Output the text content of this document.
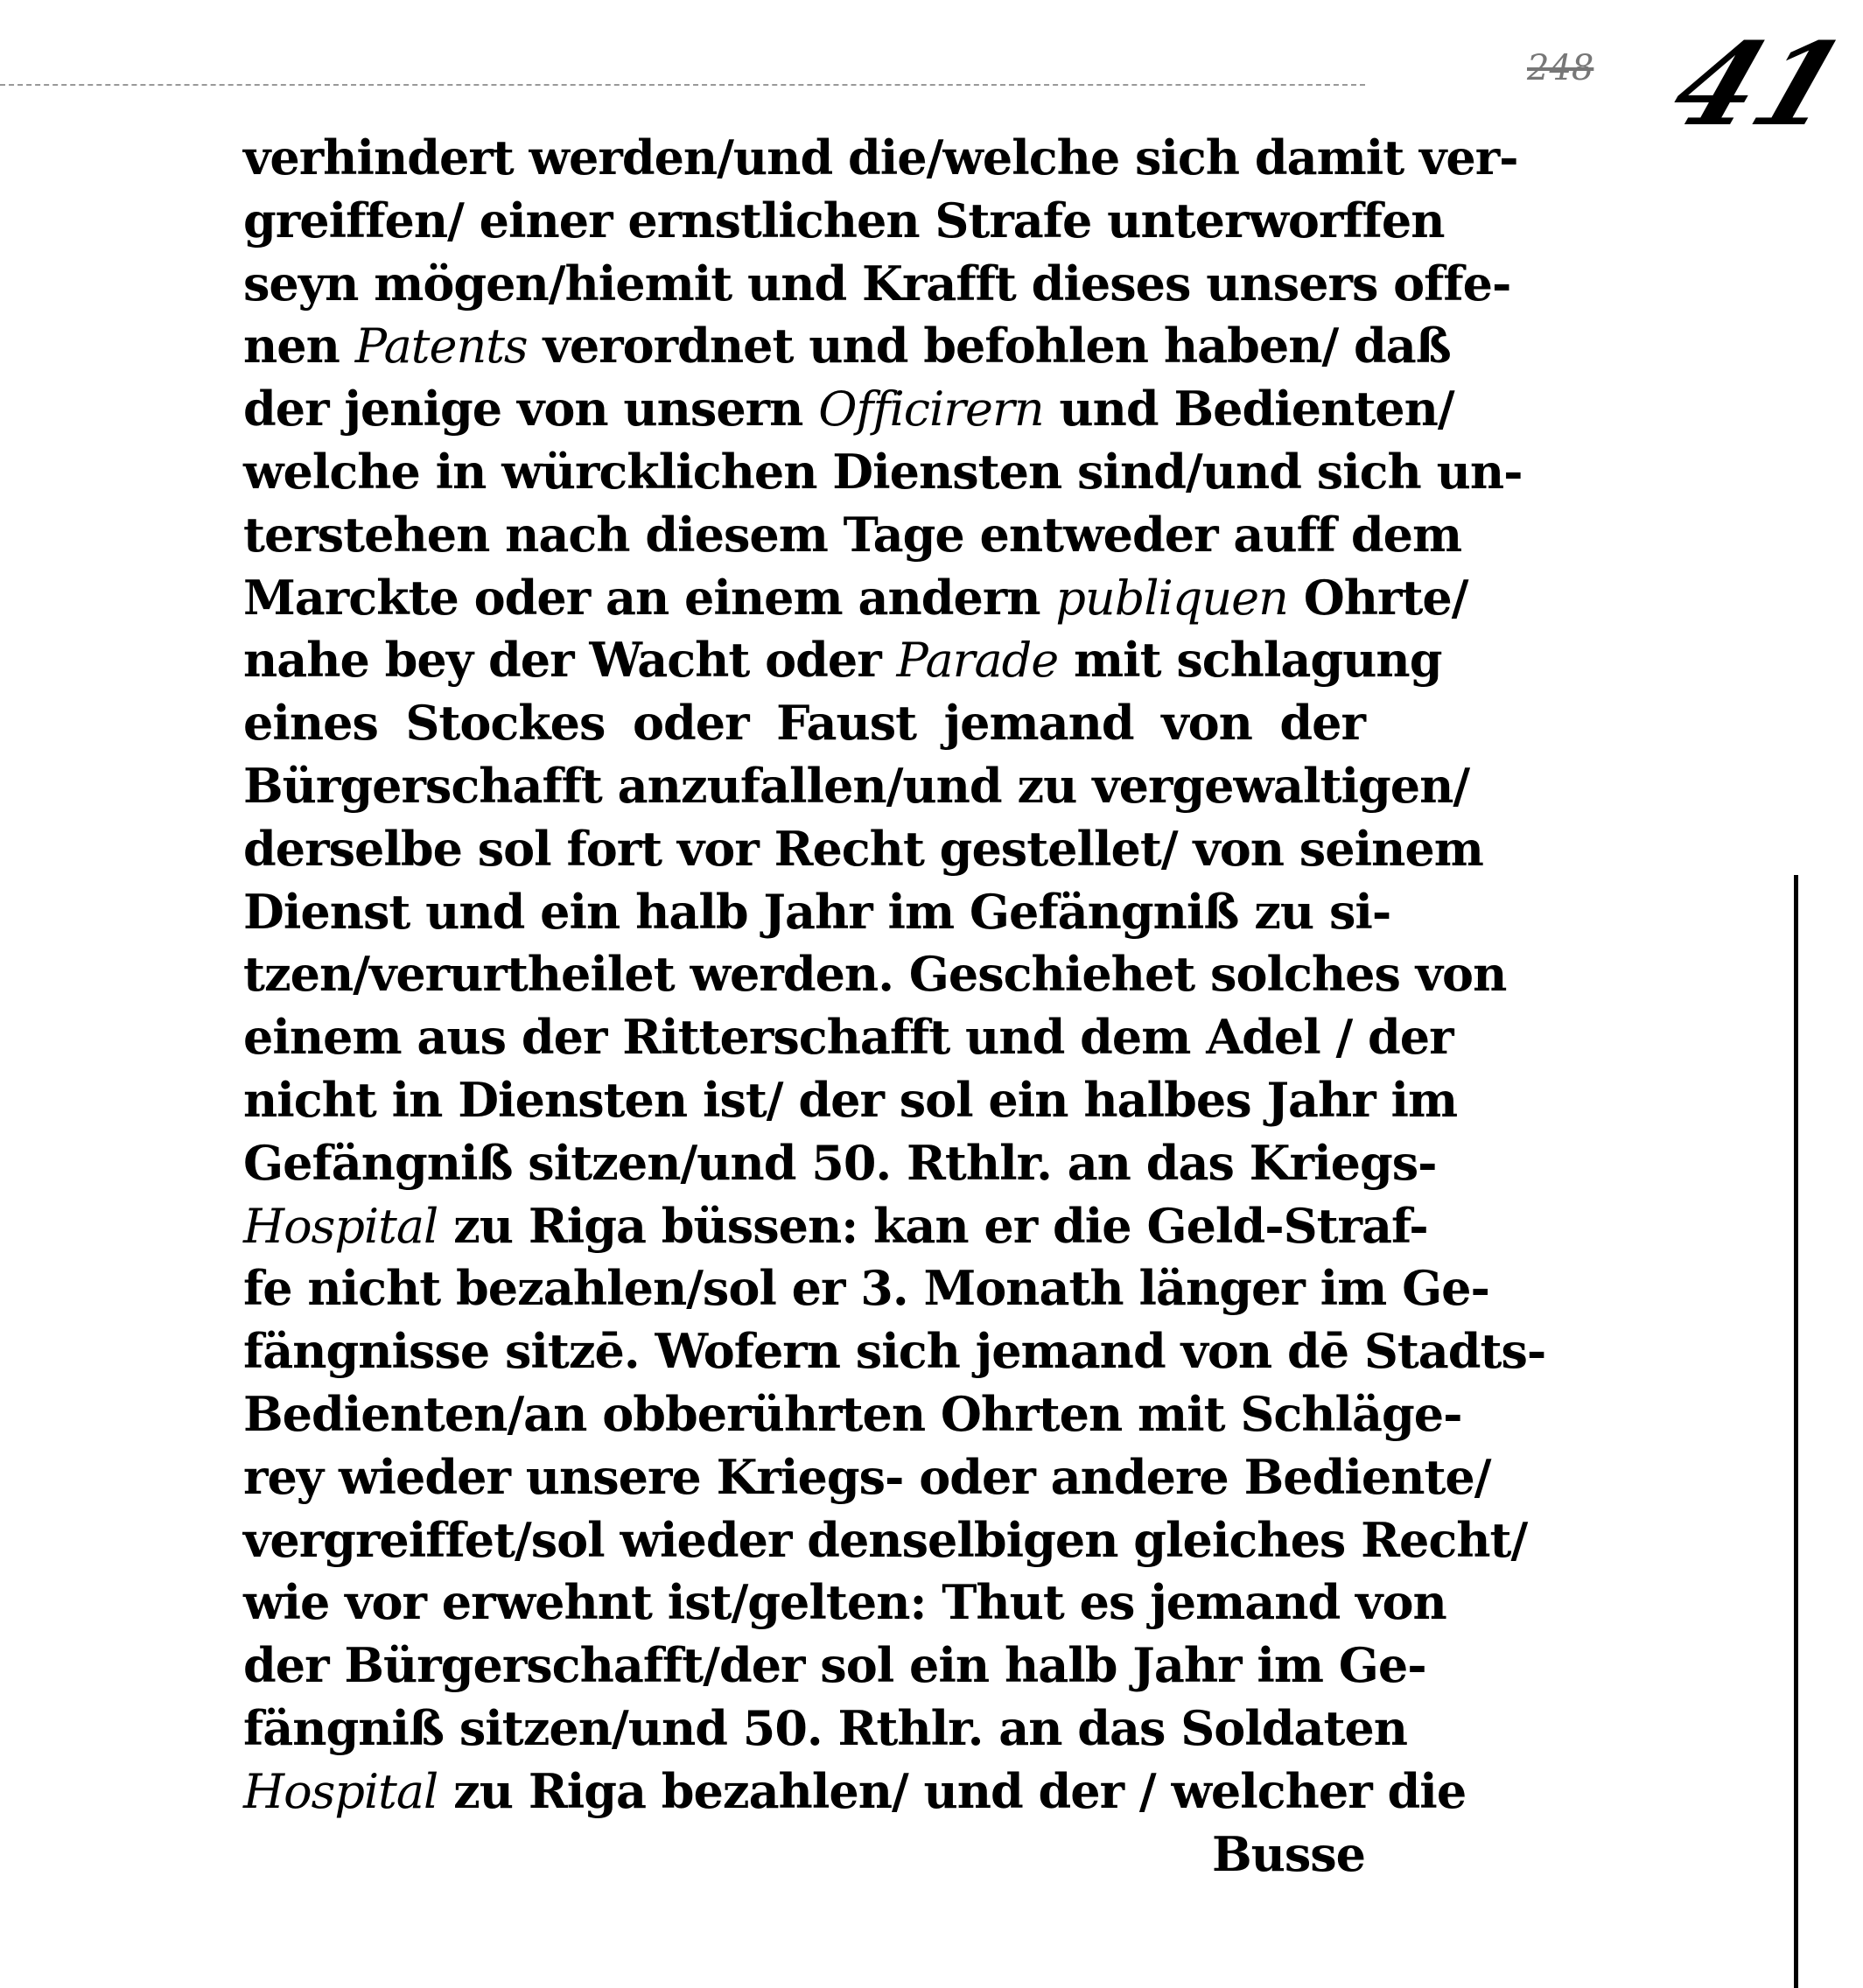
248 41
verhindert werden/und die/welche sich damit ver-
greiffen/ einer ernstlichen Strafe unterworffen
seyn mögen/hiemit und Krafft dieses unsers offe-
nen Patents verordnet und befohlen haben/ daß
der jenige von unsern Officirern und Bedienten/
welche in würcklichen Diensten sind/und sich un-
terstehen nach diesem Tage entweder auff dem
Marckte oder an einem andern publiquen Ohrte/
nahe bey der Wacht oder Parade mit schlagung
eines Stockes oder Faust jemand von der
Bürgerschafft anzufallen/und zu vergewaltigen/
derselbe sol fort vor Recht gestellet/ von seinem
Dienst und ein halb Jahr im Gefängniß zu si-
tzen/verurtheilet werden. Geschiehet solches von
einem aus der Ritterschafft und dem Adel / der
nicht in Diensten ist/ der sol ein halbes Jahr im
Gefängniß sitzen/und 50. Rthlr. an das Kriegs-
Hospital zu Riga büssen: kan er die Geld-Straf-
fe nicht bezahlen/sol er 3. Monath länger im Ge-
fängnisse sitzē. Wofern sich jemand von dē Stadts-
Bedienten/an obberührten Ohrten mit Schläge-
rey wieder unsere Kriegs- oder andere Bediente/
vergreiffet/sol wieder denselbigen gleiches Recht/
wie vor erwehnt ist/gelten: Thut es jemand von
der Bürgerschafft/der sol ein halb Jahr im Ge-
fängniß sitzen/und 50. Rthlr. an das Soldaten
Hospital zu Riga bezahlen/ und der / welcher die
Busse
